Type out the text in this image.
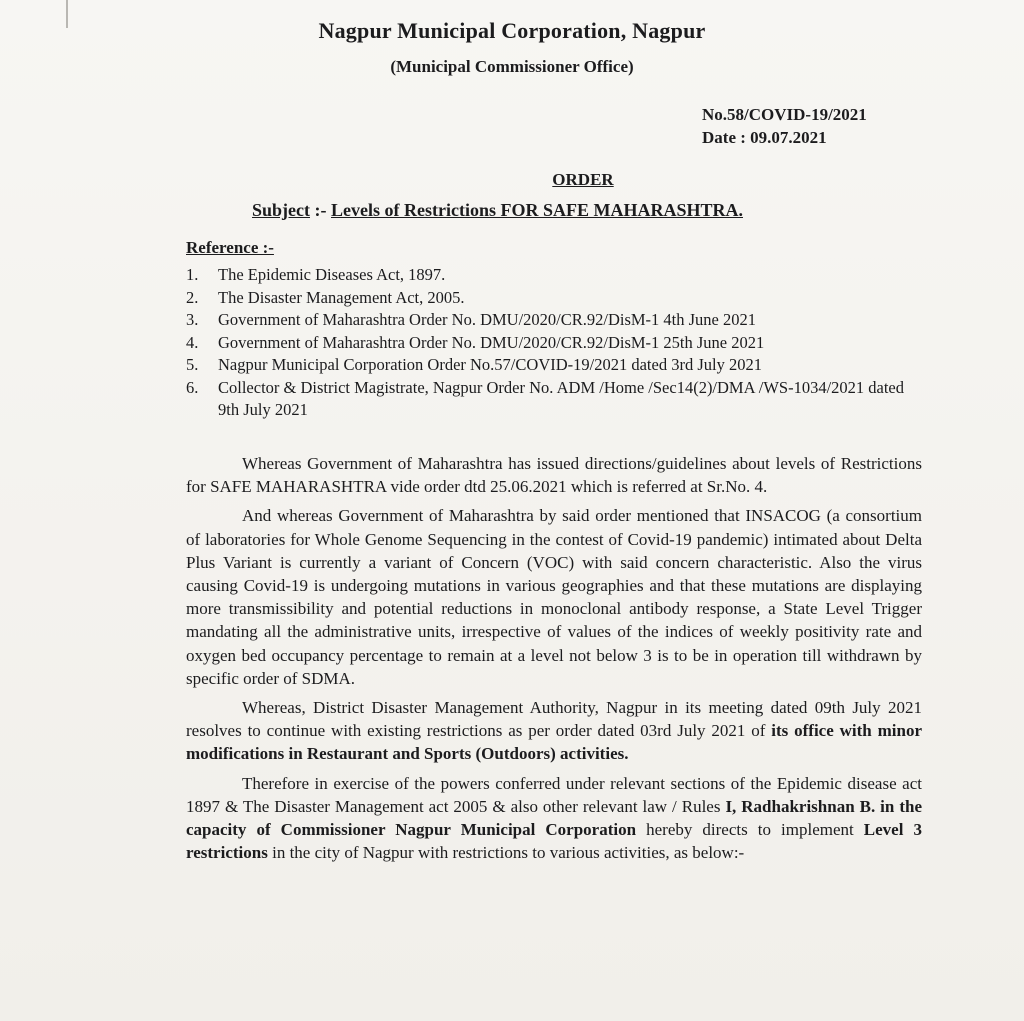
Nagpur Municipal Corporation, Nagpur
(Municipal Commissioner Office)
No.58/COVID-19/2021
Date : 09.07.2021
ORDER
Subject :- Levels of Restrictions FOR SAFE MAHARASHTRA.
Reference :-
1. The Epidemic Diseases Act, 1897.
2. The Disaster Management Act, 2005.
3. Government of Maharashtra Order No. DMU/2020/CR.92/DisM-1 4th June 2021
4. Government of Maharashtra Order No. DMU/2020/CR.92/DisM-1 25th June 2021
5. Nagpur Municipal Corporation Order No.57/COVID-19/2021 dated 3rd July 2021
6. Collector & District Magistrate, Nagpur Order No. ADM /Home /Sec14(2)/DMA /WS-1034/2021 dated 9th July 2021

Whereas Government of Maharashtra has issued directions/guidelines about levels of Restrictions for SAFE MAHARASHTRA vide order dtd 25.06.2021 which is referred at Sr.No. 4.

And whereas Government of Maharashtra by said order mentioned that INSACOG (a consortium of laboratories for Whole Genome Sequencing in the contest of Covid-19 pandemic) intimated about Delta Plus Variant is currently a variant of Concern (VOC) with said concern characteristic. Also the virus causing Covid-19 is undergoing mutations in various geographies and that these mutations are displaying more transmissibility and potential reductions in monoclonal antibody response, a State Level Trigger mandating all the administrative units, irrespective of values of the indices of weekly positivity rate and oxygen bed occupancy percentage to remain at a level not below 3 is to be in operation till withdrawn by specific order of SDMA.

Whereas, District Disaster Management Authority, Nagpur in its meeting dated 09th July 2021 resolves to continue with existing restrictions as per order dated 03rd July 2021 of its office with minor modifications in Restaurant and Sports (Outdoors) activities.

Therefore in exercise of the powers conferred under relevant sections of the Epidemic disease act 1897 & The Disaster Management act 2005 & also other relevant law / Rules I, Radhakrishnan B. in the capacity of Commissioner Nagpur Municipal Corporation hereby directs to implement Level 3 restrictions in the city of Nagpur with restrictions to various activities, as below:-
